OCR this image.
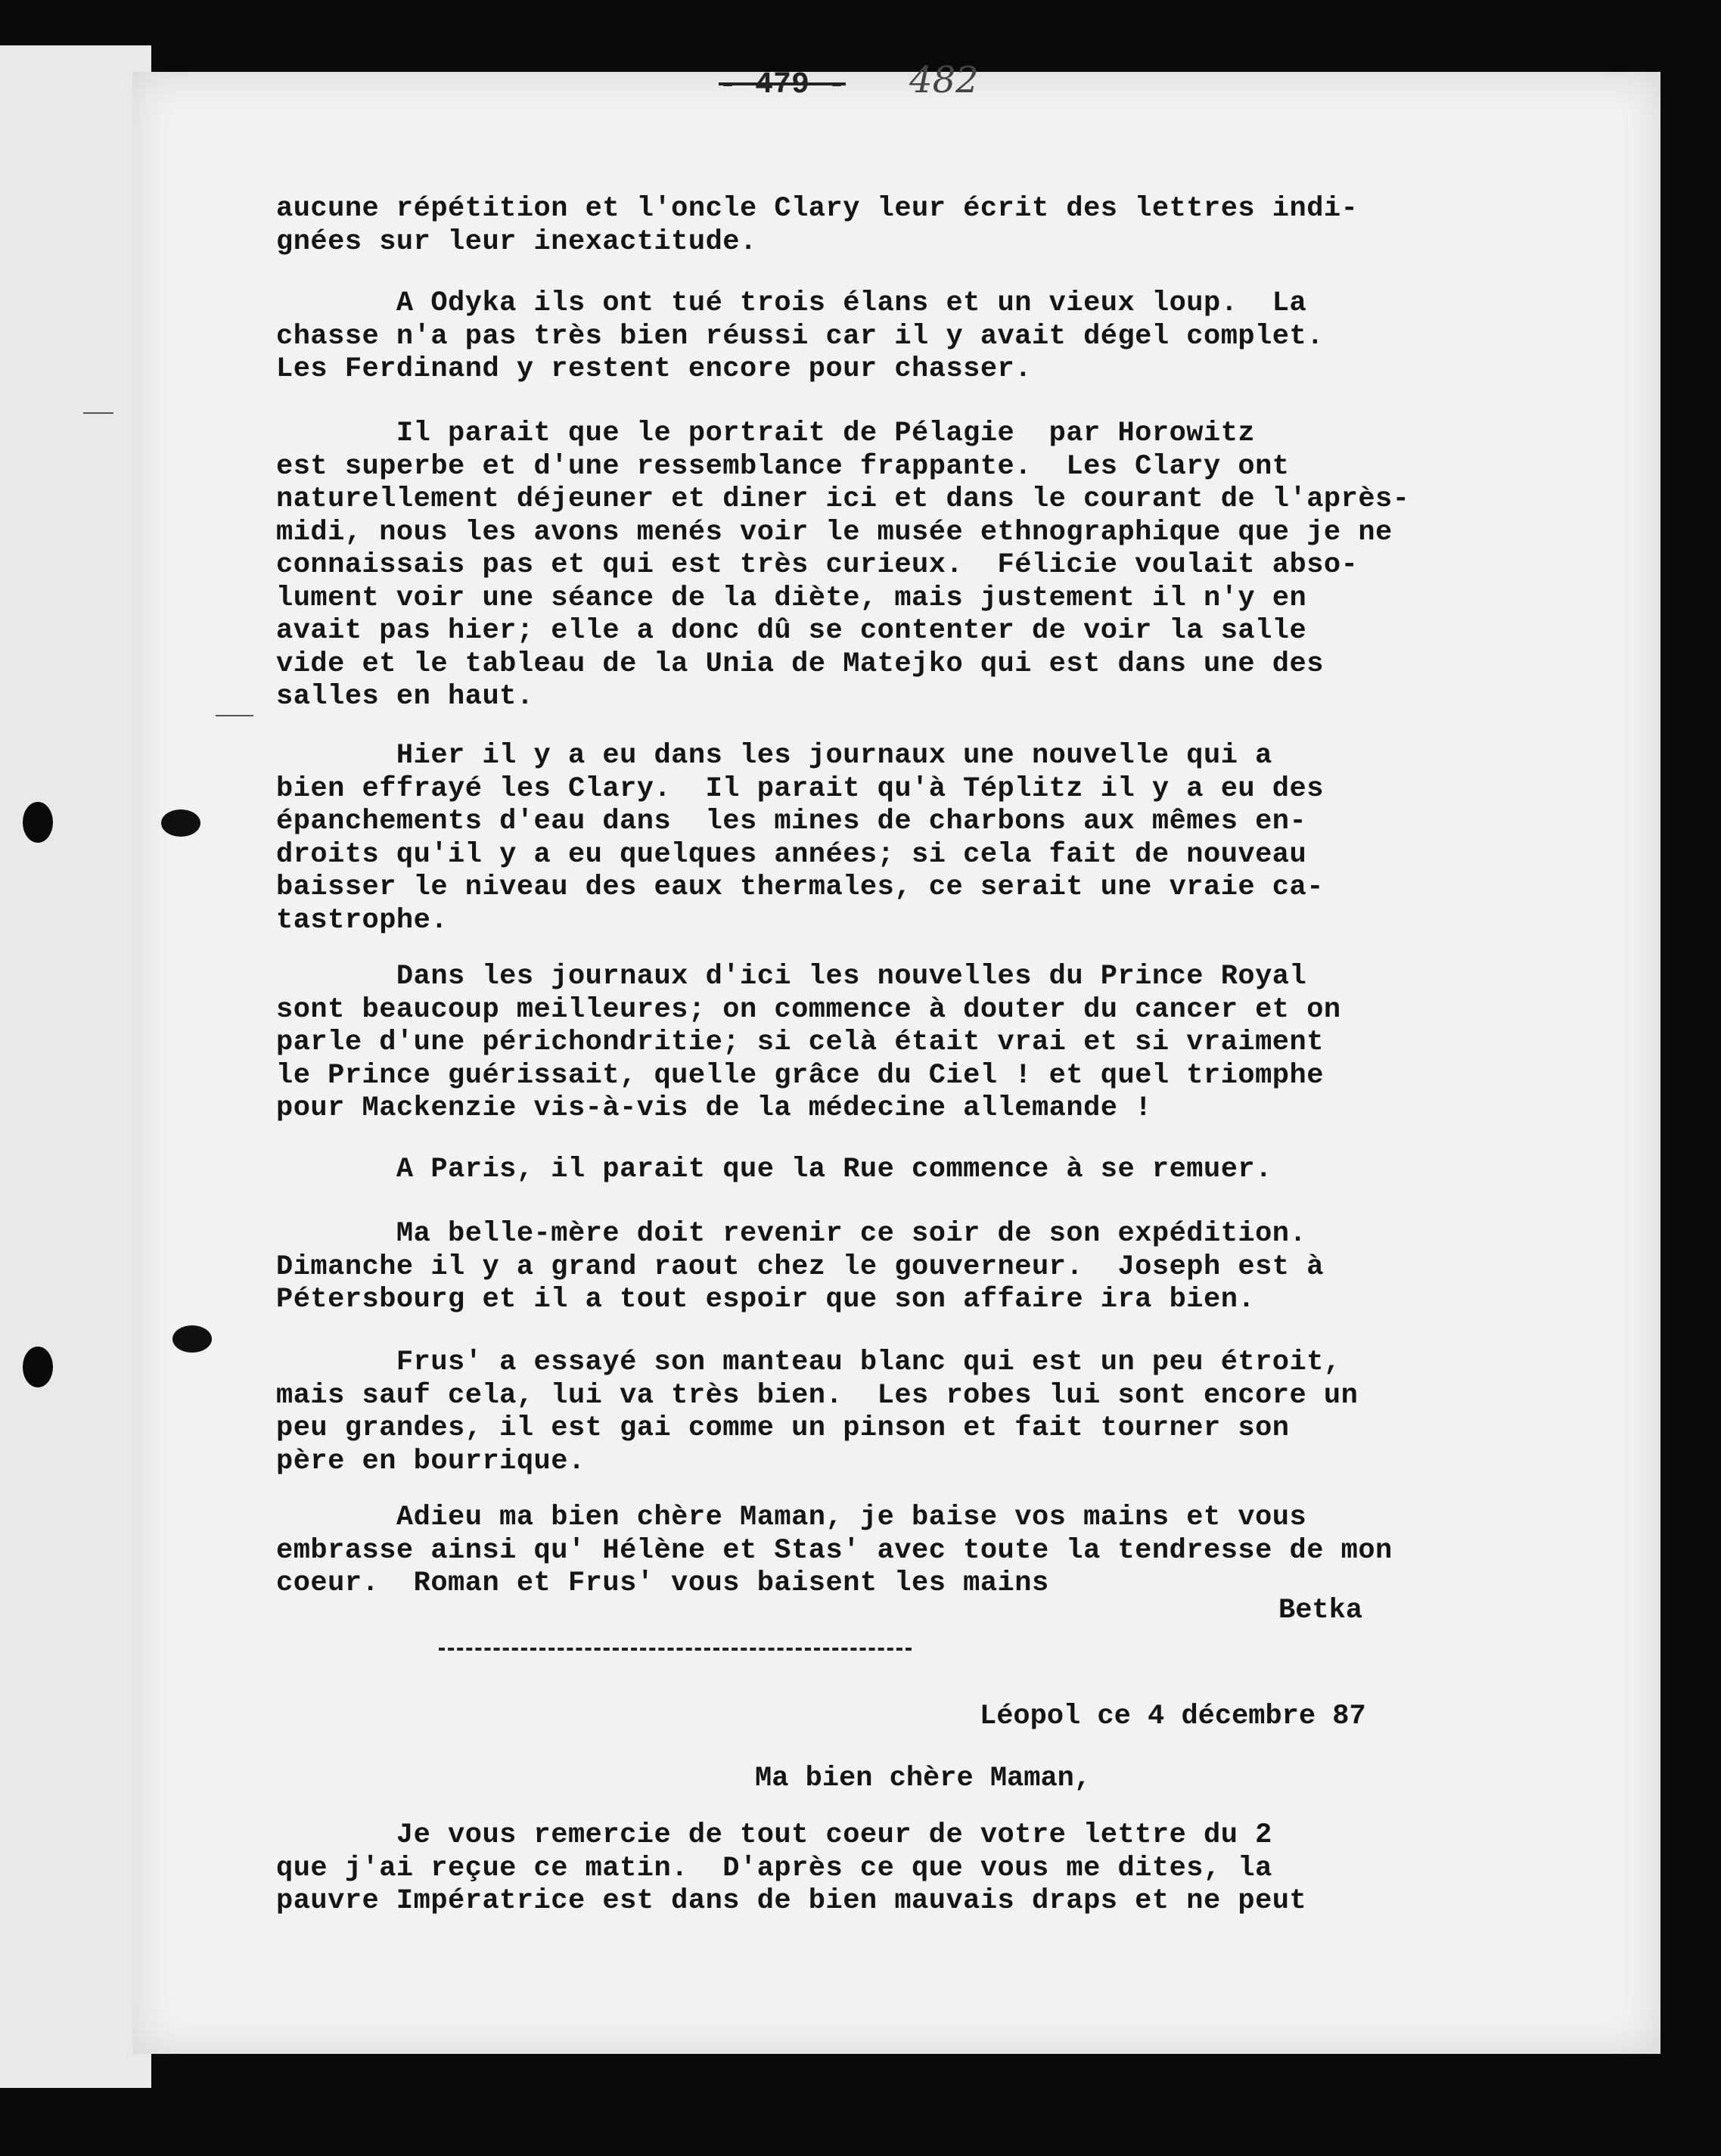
- 479 - 482

aucune répétition et l'oncle Clary leur écrit des lettres indi-
gnées sur leur inexactitude.

A Odyka ils ont tué trois élans et un vieux loup.  La
chasse n'a pas très bien réussi car il y avait dégel complet.
Les Ferdinand y restent encore pour chasser.

Il parait que le portrait de Pélagie  par Horowitz
est superbe et d'une ressemblance frappante.  Les Clary ont
naturellement déjeuner et diner ici et dans le courant de l'après-
midi, nous les avons menés voir le musée ethnographique que je ne
connaissais pas et qui est très curieux.  Félicie voulait abso-
lument voir une séance de la diète, mais justement il n'y en
avait pas hier; elle a donc dû se contenter de voir la salle
vide et le tableau de la Unia de Matejko qui est dans une des
salles en haut.

Hier il y a eu dans les journaux une nouvelle qui a
bien effrayé les Clary.  Il parait qu'à Téplitz il y a eu des
épanchements d'eau dans  les mines de charbons aux mêmes en-
droits qu'il y a eu quelques années; si cela fait de nouveau
baisser le niveau des eaux thermales, ce serait une vraie ca-
tastrophe.

Dans les journaux d'ici les nouvelles du Prince Royal
sont beaucoup meilleures; on commence à douter du cancer et on
parle d'une périchondritie; si celà était vrai et si vraiment
le Prince guérissait, quelle grâce du Ciel ! et quel triomphe
pour Mackenzie vis-à-vis de la médecine allemande !

A Paris, il parait que la Rue commence à se remuer.

Ma belle-mère doit revenir ce soir de son expédition.
Dimanche il y a grand raout chez le gouverneur.  Joseph est à
Pétersbourg et il a tout espoir que son affaire ira bien.

Frus' a essayé son manteau blanc qui est un peu étroit,
mais sauf cela, lui va très bien.  Les robes lui sont encore un
peu grandes, il est gai comme un pinson et fait tourner son
père en bourrique.

Adieu ma bien chère Maman, je baise vos mains et vous
embrasse ainsi qu' Hélène et Stas' avec toute la tendresse de mon
coeur.  Roman et Frus' vous baisent les mains

Betka

Léopol ce 4 décembre 87

Ma bien chère Maman,

Je vous remercie de tout coeur de votre lettre du 2
que j'ai reçue ce matin.  D'après ce que vous me dites, la
pauvre Impératrice est dans de bien mauvais draps et ne peut
